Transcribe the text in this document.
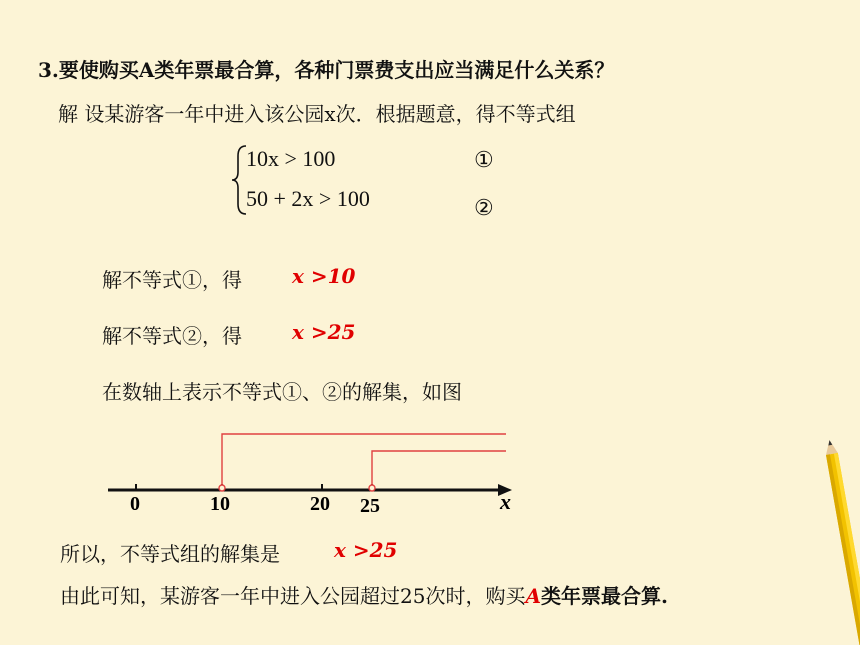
3.要使购买A类年票最合算，各种门票费支出应当满足什么关系？
解 设某游客一年中进入该公园x次．根据题意，得不等式组
10x > 100
50 + 2x > 100
①
②
解不等式①，得	x >10
解不等式②，得	x >25
在数轴上表示不等式①、②的解集，如图
0	10	20 25	x
所以，不等式组的解集是	x >25
由此可知，某游客一年中进入公园超过25次时，购买A类年票最合算.
